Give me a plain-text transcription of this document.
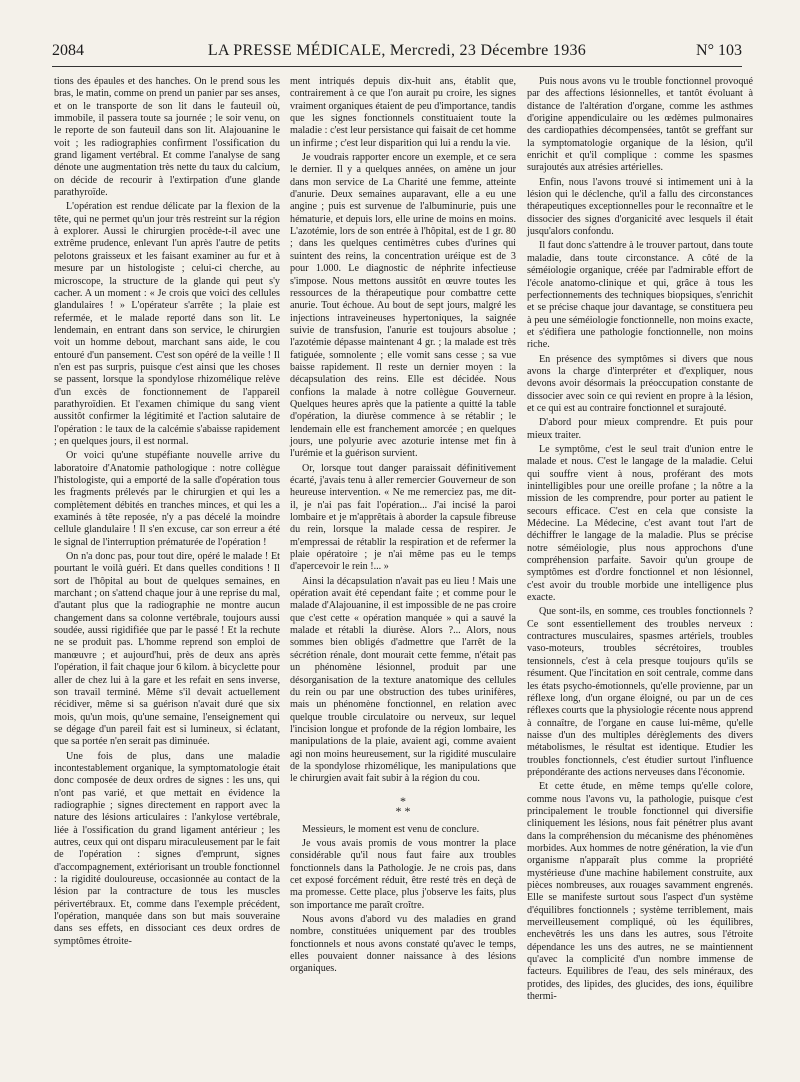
2084	LA PRESSE MÉDICALE, Mercredi, 23 Décembre 1936	N° 103

tions des épaules et des hanches. On le prend sous les bras, le matin, comme on prend un panier par ses anses, et on le transporte de son lit dans le fauteuil où, immobile, il passera toute sa journée ; le soir venu, on le reporte de son fauteuil dans son lit. Alajouanine le voit ; les radiographies confirment l'ossification du grand ligament vertébral. Et comme l'analyse de sang dénote une augmentation très nette du taux du calcium, on décide de recourir à l'extirpation d'une glande parathyroïde.

L'opération est rendue délicate par la flexion de la tête, qui ne permet qu'un jour très restreint sur la région à explorer. Aussi le chirurgien procède-t-il avec une extrême prudence, enlevant l'un après l'autre de petits pelotons graisseux et les faisant examiner au fur et à mesure par un histologiste ; celui-ci cherche, au microscope, la structure de la glande qui peut s'y cacher. A un moment : « Je crois que voici des cellules glandulaires ! » L'opérateur s'arrête ; la plaie est refermée, et le malade reporté dans son lit. Le lendemain, en entrant dans son service, le chirurgien voit un homme debout, marchant sans aide, le cou entouré d'un pansement. C'est son opéré de la veille ! Il n'en est pas surpris, puisque c'est ainsi que les choses se passent, lorsque la spondylose rhizomélique relève d'un excès de fonctionnement de l'appareil parathyroïdien. Et l'examen chimique du sang vient aussitôt confirmer la légitimité et l'action salutaire de l'opération : le taux de la calcémie s'abaisse rapidement ; en quelques jours, il est normal.

Or voici qu'une stupéfiante nouvelle arrive du laboratoire d'Anatomie pathologique : notre collègue l'histologiste, qui a emporté de la salle d'opération tous les fragments prélevés par le chirurgien et qui les a complètement débités en tranches minces, et qui les a examinés à tête reposée, n'y a pas décelé la moindre cellule glandulaire ! Il s'en excuse, car son erreur a été le signal de l'interruption prématurée de l'opération !

On n'a donc pas, pour tout dire, opéré le malade ! Et pourtant le voilà guéri. Et dans quelles conditions ! Il sort de l'hôpital au bout de quelques semaines, en marchant ; on s'attend chaque jour à une reprise du mal, d'autant plus que la radiographie ne montre aucun changement dans sa colonne vertébrale, toujours aussi soudée, aussi rigidifiée que par le passé ! Et la rechute ne se produit pas. L'homme reprend son emploi de manœuvre ; et aujourd'hui, près de deux ans après l'opération, il fait chaque jour 6 kilom. à bicyclette pour aller de chez lui à la gare et les refait en sens inverse, son travail terminé. Même s'il devait actuellement récidiver, même si sa guérison n'avait duré que six mois, qu'un mois, qu'une semaine, l'enseignement qui se dégage d'un pareil fait est si lumineux, si éclatant, que sa portée n'en serait pas diminuée.

Une fois de plus, dans une maladie incontestablement organique, la symptomatologie était donc composée de deux ordres de signes : les uns, qui n'ont pas varié, et que mettait en évidence la radiographie ; signes directement en rapport avec la nature des lésions articulaires : l'ankylose vertébrale, liée à l'ossification du grand ligament antérieur ; les autres, ceux qui ont disparu miraculeusement par le fait de l'opération : signes d'emprunt, signes d'accompagnement, extériorisant un trouble fonctionnel : la rigidité douloureuse, occasionnée au contact de la lésion par la contracture de tous les muscles périvertébraux. Et, comme dans l'exemple précédent, l'opération, manquée dans son but mais souveraine dans ses effets, en dissociant ces deux ordres de symptômes étroite-

ment intriqués depuis dix-huit ans, établit que, contrairement à ce que l'on aurait pu croire, les signes vraiment organiques étaient de peu d'importance, tandis que les signes fonctionnels constituaient toute la maladie : c'est leur persistance qui faisait de cet homme un infirme ; c'est leur disparition qui lui a rendu la vie.

Je voudrais rapporter encore un exemple, et ce sera le dernier. Il y a quelques années, on amène un jour dans mon service de La Charité une femme, atteinte d'anurie. Deux semaines auparavant, elle a eu une angine ; puis est survenue de l'albuminurie, puis une hématurie, et depuis lors, elle urine de moins en moins. L'azotémie, lors de son entrée à l'hôpital, est de 1 gr. 80 ; dans les quelques centimètres cubes d'urines qui suintent des reins, la concentration uréique est de 3 pour 1.000. Le diagnostic de néphrite infectieuse s'impose. Nous mettons aussitôt en œuvre toutes les ressources de la thérapeutique pour combattre cette anurie. Tout échoue. Au bout de sept jours, malgré les injections intraveineuses hypertoniques, la saignée suivie de transfusion, l'anurie est toujours absolue ; l'azotémie dépasse maintenant 4 gr. ; la malade est très fatiguée, somnolente ; elle vomit sans cesse ; sa vue baisse rapidement. Il reste un dernier moyen : la décapsulation des reins. Elle est décidée. Nous confions la malade à notre collègue Gouverneur. Quelques heures après que la patiente a quitté la table d'opération, la diurèse commence à se rétablir ; le lendemain elle est franchement amorcée ; en quelques jours, une polyurie avec azoturie intense met fin à l'urémie et la guérison survient.

Or, lorsque tout danger paraissait définitivement écarté, j'avais tenu à aller remercier Gouverneur de son heureuse intervention. « Ne me remerciez pas, me dit-il, je n'ai pas fait l'opération... J'ai incisé la paroi lombaire et je m'apprêtais à aborder la capsule fibreuse du rein, lorsque la malade cessa de respirer. Je m'empressai de rétablir la respiration et de refermer la plaie opératoire ; je n'ai même pas eu le temps d'apercevoir le rein !... »

Ainsi la décapsulation n'avait pas eu lieu ! Mais une opération avait été cependant faite ; et comme pour le malade d'Alajouanine, il est impossible de ne pas croire que c'est cette « opération manquée » qui a sauvé la malade et rétabli la diurèse. Alors ?... Alors, nous sommes bien obligés d'admettre que l'arrêt de la sécrétion rénale, dont mourait cette femme, n'était pas un phénomène lésionnel, produit par une désorganisation de la texture anatomique des cellules du rein ou par une obstruction des tubes urinifères, mais un phénomène fonctionnel, en relation avec quelque trouble circulatoire ou nerveux, sur lequel l'incision longue et profonde de la région lombaire, les manipulations de la plaie, avaient agi, comme avaient agi non moins heureusement, sur la rigidité musculaire de la spondylose rhizomélique, les manipulations que le chirurgien avait fait subir à la région du cou.

*
* *

Messieurs, le moment est venu de conclure.

Je vous avais promis de vous montrer la place considérable qu'il nous faut faire aux troubles fonctionnels dans la Pathologie. Je ne crois pas, dans cet exposé forcément réduit, être resté très en deçà de ma promesse. Cette place, plus j'observe les faits, plus son importance me paraît croître.

Nous avons d'abord vu des maladies en grand nombre, constituées uniquement par des troubles fonctionnels et nous avons constaté qu'avec le temps, elles pouvaient donner naissance à des lésions organiques.

Puis nous avons vu le trouble fonctionnel provoqué par des affections lésionnelles, et tantôt évoluant à distance de l'altération d'organe, comme les asthmes d'origine appendiculaire ou les œdèmes pulmonaires des cardiopathies décompensées, tantôt se greffant sur la symptomatologie organique de la lésion, qu'il enrichit et qu'il complique : comme les spasmes surajoutés aux atrésies artérielles.

Enfin, nous l'avons trouvé si intimement uni à la lésion qui le déclenche, qu'il a fallu des circonstances thérapeutiques exceptionnelles pour le reconnaître et le dissocier des signes d'organicité avec lesquels il était jusqu'alors confondu.

Il faut donc s'attendre à le trouver partout, dans toute maladie, dans toute circonstance. A côté de la séméiologie organique, créée par l'admirable effort de l'école anatomo-clinique et qui, grâce à tous les perfectionnements des techniques biopsiques, s'enrichit et se précise chaque jour davantage, se constituera peu à peu une séméiologie fonctionnelle, non moins exacte, et s'édifiera une pathologie fonctionnelle, non moins riche.

En présence des symptômes si divers que nous avons la charge d'interpréter et d'expliquer, nous devons avoir désormais la préoccupation constante de dissocier avec soin ce qui revient en propre à la lésion, et ce qui est au contraire fonctionnel et surajouté.

D'abord pour mieux comprendre. Et puis pour mieux traiter.

Le symptôme, c'est le seul trait d'union entre le malade et nous. C'est le langage de la maladie. Celui qui souffre vient à nous, proférant des mots inintelligibles pour une oreille profane ; la nôtre a la mission de les comprendre, pour porter au patient le secours efficace. C'est en cela que consiste la Médecine. La Médecine, c'est avant tout l'art de déchiffrer le langage de la maladie. Plus se précise notre séméiologie, plus nous approchons d'une compréhension parfaite. Savoir qu'un groupe de symptômes est d'ordre fonctionnel et non lésionnel, c'est avoir du trouble morbide une intelligence plus exacte.

Que sont-ils, en somme, ces troubles fonctionnels ? Ce sont essentiellement des troubles nerveux : contractures musculaires, spasmes artériels, troubles vaso-moteurs, troubles sécrétoires, troubles tensionnels, c'est à cela presque toujours qu'ils se résument. Que l'incitation en soit centrale, comme dans les états psycho-émotionnels, qu'elle provienne, par un réflexe long, d'un organe éloigné, ou par un de ces réflexes courts que la physiologie récente nous apprend à connaître, de l'organe en cause lui-même, qu'elle naisse d'un des multiples dérèglements des divers métabolismes, le résultat est identique. Etudier les troubles fonctionnels, c'est étudier surtout l'influence prépondérante des actions nerveuses dans l'économie.

Et cette étude, en même temps qu'elle colore, comme nous l'avons vu, la pathologie, puisque c'est principalement le trouble fonctionnel qui diversifie cliniquement les lésions, nous fait pénétrer plus avant dans la compréhension du mécanisme des phénomènes morbides. Aux hommes de notre génération, la vie d'un organisme n'apparaît plus comme la propriété mystérieuse d'une machine habilement construite, aux pièces nombreuses, aux rouages savamment engrenés. Elle se manifeste surtout sous l'aspect d'un système d'équilibres fonctionnels ; système terriblement, mais merveilleusement compliqué, où les équilibres, enchevêtrés les uns dans les autres, sous l'étroite dépendance les uns des autres, ne se maintiennent qu'avec la complicité d'un nombre immense de facteurs. Equilibres de l'eau, des sels minéraux, des protides, des lipides, des glucides, des ions, équilibre thermi-
